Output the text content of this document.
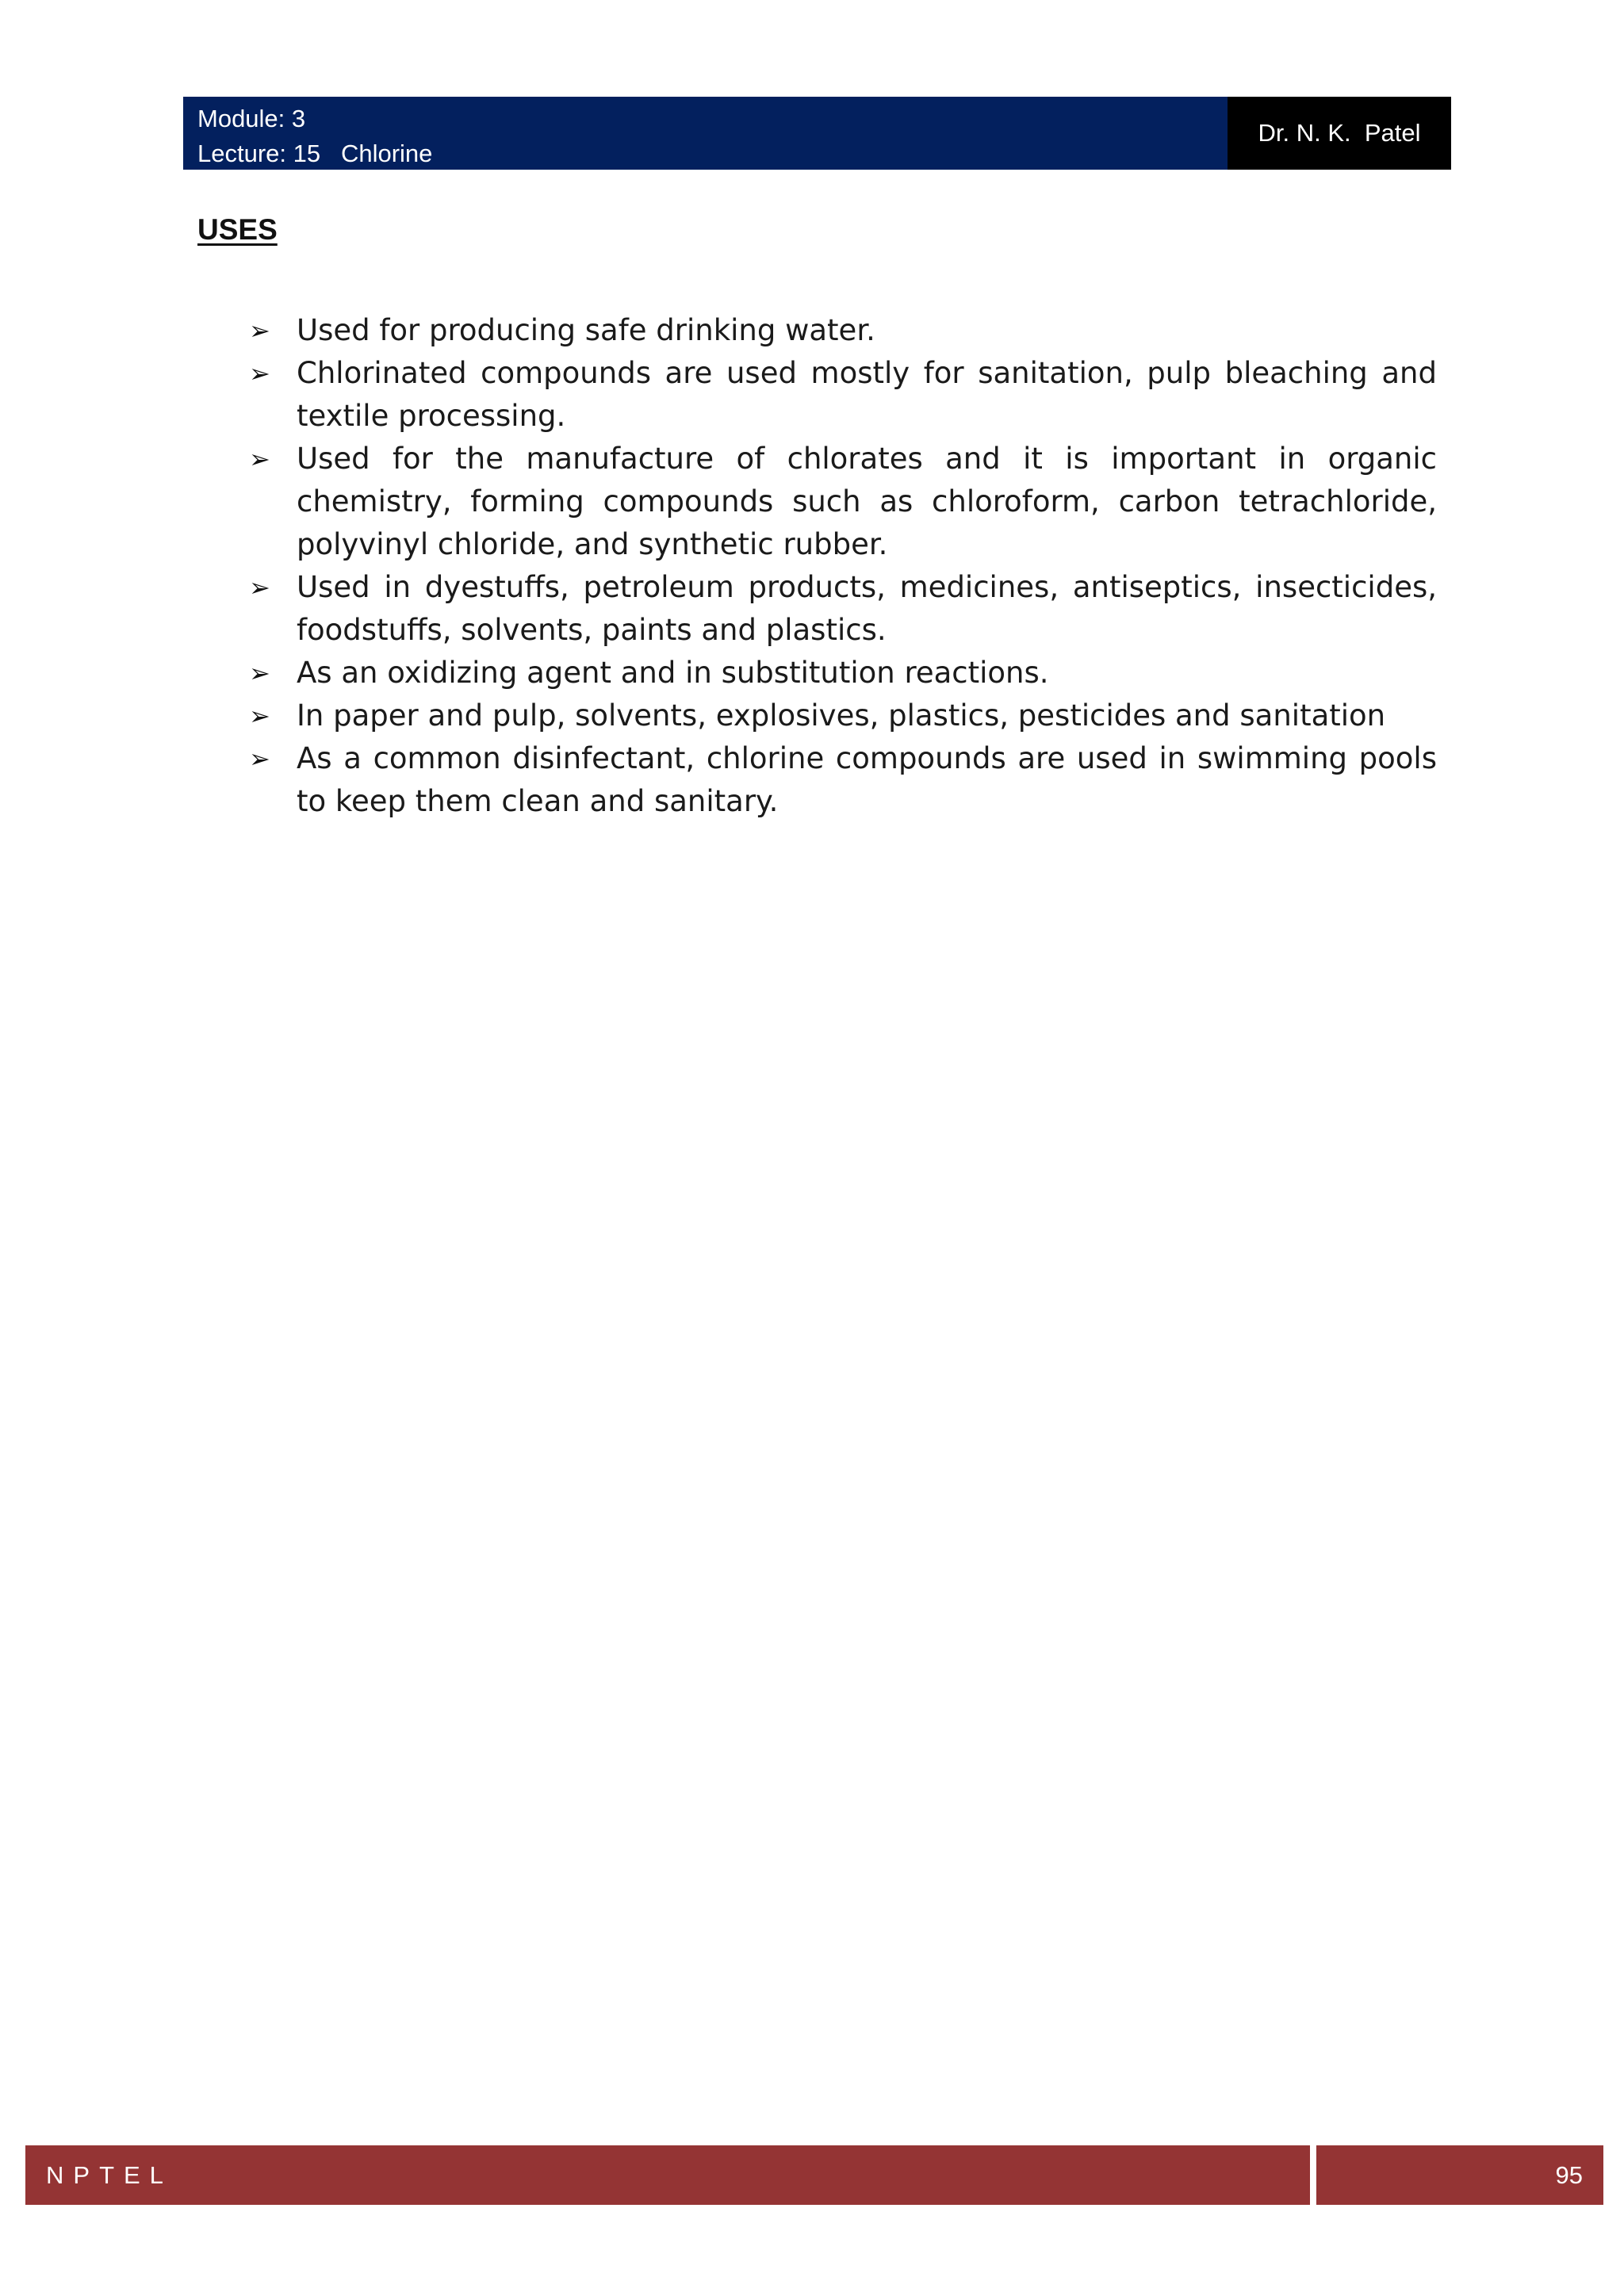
Module: 3
Lecture: 15   Chlorine
Dr. N. K.  Patel
USES
➢ Used for producing safe drinking water.
➢ Chlorinated compounds are used mostly for sanitation, pulp bleaching and textile processing.
➢ Used for the manufacture of chlorates and it is important in organic chemistry, forming compounds such as chloroform, carbon tetrachloride, polyvinyl chloride, and synthetic rubber.
➢ Used in dyestuffs, petroleum products, medicines, antiseptics, insecticides, foodstuffs, solvents, paints and plastics.
➢ As an oxidizing agent and in substitution reactions.
➢ In paper and pulp, solvents, explosives, plastics, pesticides and sanitation
➢ As a common disinfectant, chlorine compounds are used in swimming pools to keep them clean and sanitary.
NPTEL	95
